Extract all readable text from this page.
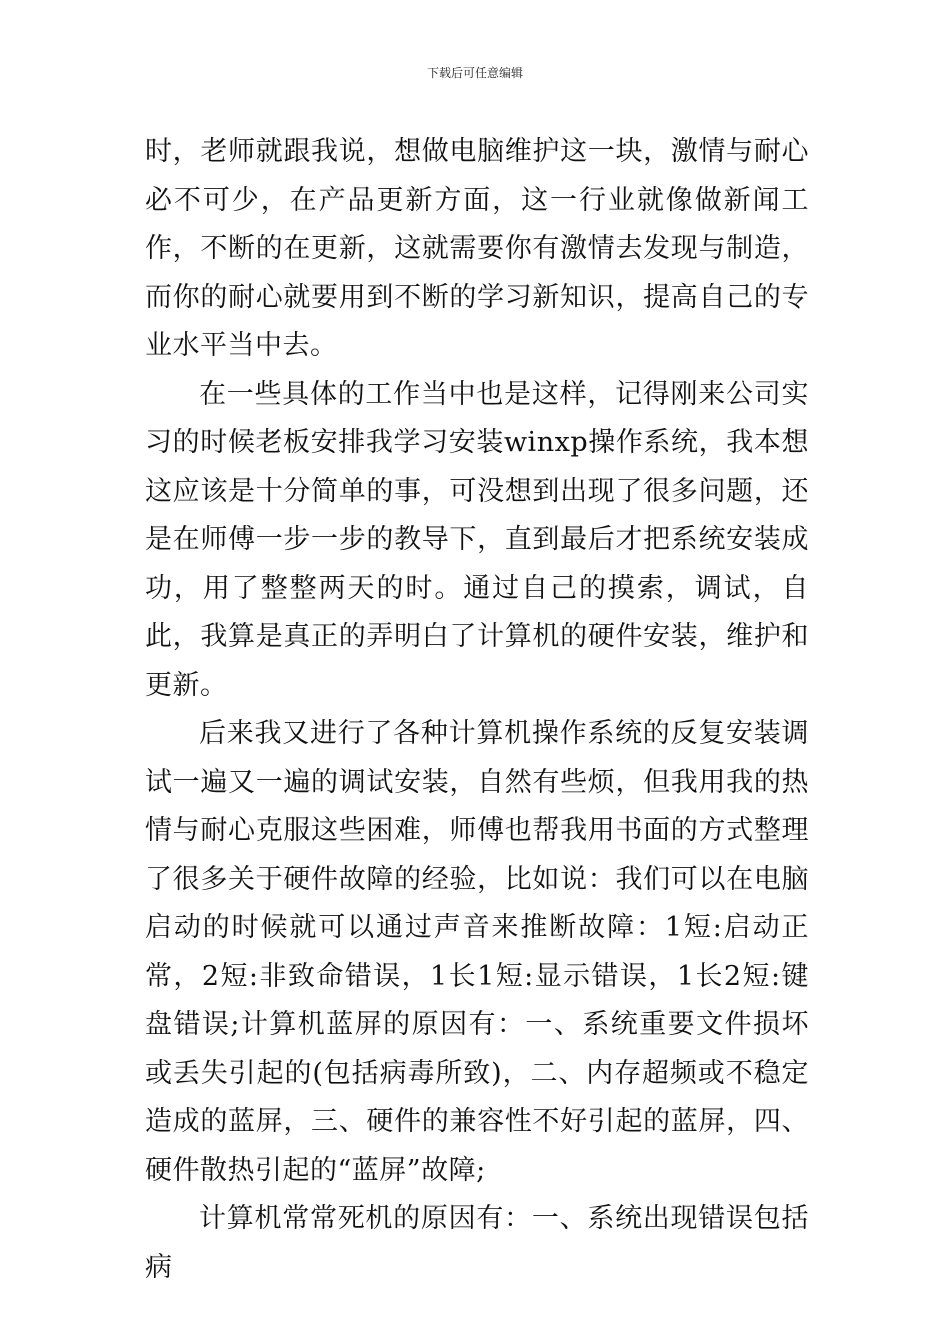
下载后可任意编辑

时，老师就跟我说，想做电脑维护这一块，激情与耐心必不可少，在产品更新方面，这一行业就像做新闻工作，不断的在更新，这就需要你有激情去发现与制造，而你的耐心就要用到不断的学习新知识，提高自己的专业水平当中去。

在一些具体的工作当中也是这样，记得刚来公司实习的时候老板安排我学习安装winxp操作系统，我本想这应该是十分简单的事，可没想到出现了很多问题，还是在师傅一步一步的教导下，直到最后才把系统安装成功，用了整整两天的时。通过自己的摸索，调试，自此，我算是真正的弄明白了计算机的硬件安装，维护和更新。

后来我又进行了各种计算机操作系统的反复安装调试一遍又一遍的调试安装，自然有些烦，但我用我的热情与耐心克服这些困难，师傅也帮我用书面的方式整理了很多关于硬件故障的经验，比如说：我们可以在电脑启动的时候就可以通过声音来推断故障：1短:启动正常，2短:非致命错误，1长1短:显示错误，1长2短:键盘错误;计算机蓝屏的原因有：一、系统重要文件损坏或丢失引起的(包括病毒所致)，二、内存超频或不稳定造成的蓝屏，三、硬件的兼容性不好引起的蓝屏，四、硬件散热引起的“蓝屏”故障;

计算机常常死机的原因有：一、系统出现错误包括病
